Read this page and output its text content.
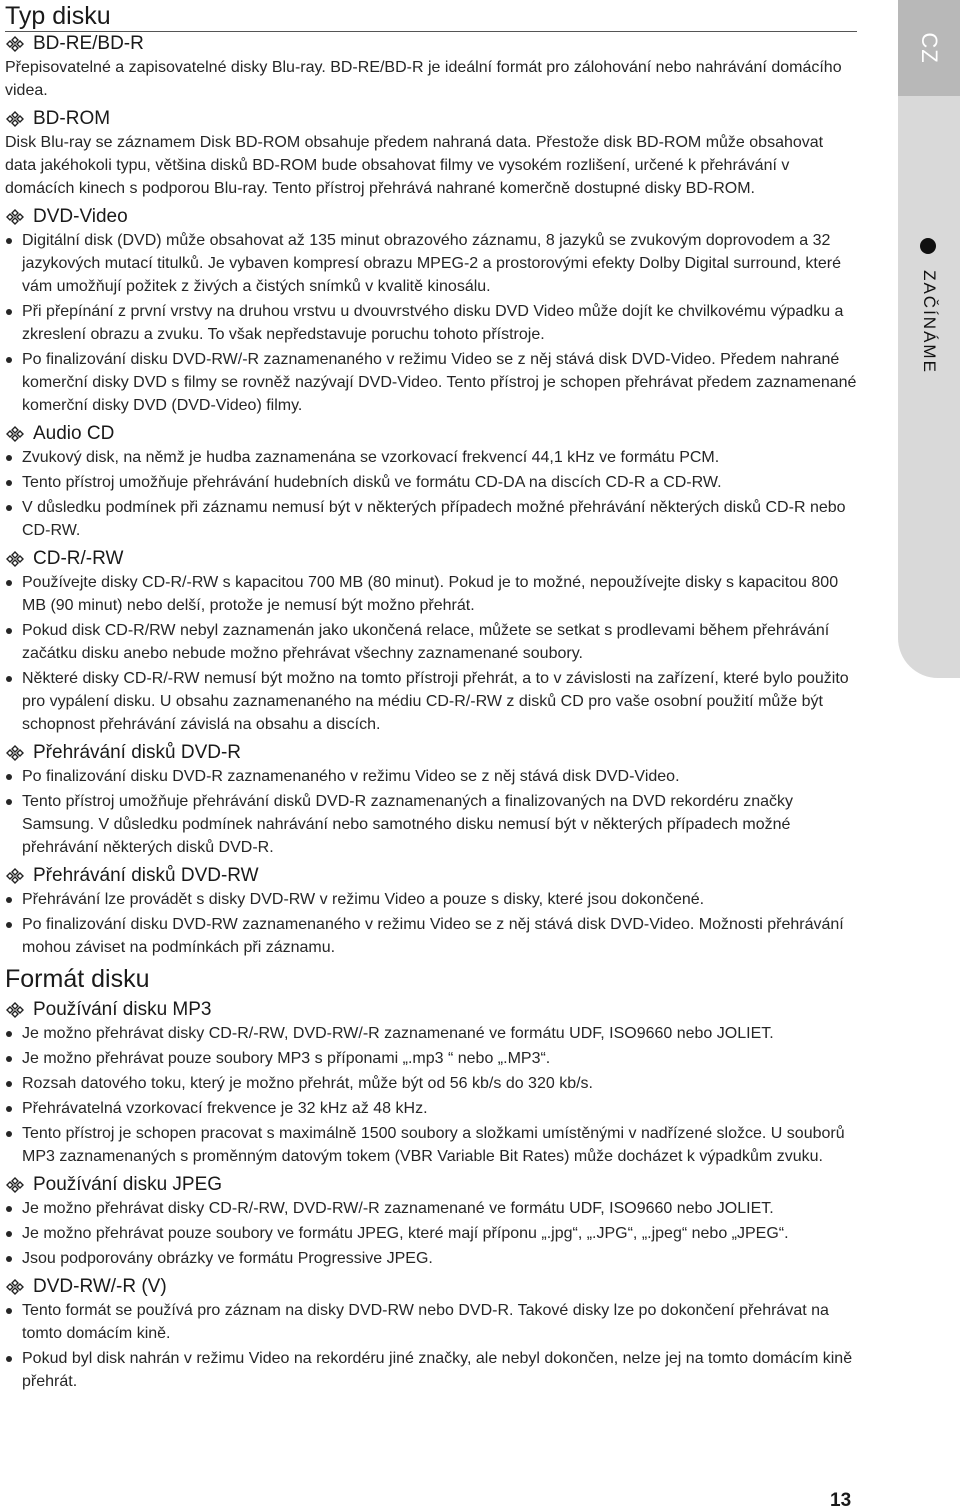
Typ disku
BD-RE/BD-R

Přepisovatelné a zapisovatelné disky Blu-ray. BD-RE/BD-R je ideální formát pro zálohování nebo nahrávání domácího videa.

BD-ROM

Disk Blu-ray se záznamem Disk BD-ROM obsahuje předem nahraná data. Přestože disk BD-ROM může obsahovat data jakéhokoli typu, většina disků BD-ROM bude obsahovat filmy ve vysokém rozlišení, určené k přehrávání v domácích kinech s podporou Blu-ray. Tento přístroj přehrává nahrané komerčně dostupné disky BD-ROM.

DVD-Video
Digitální disk (DVD) může obsahovat až 135 minut obrazového záznamu, 8 jazyků se zvukovým doprovodem a 32 jazykových mutací titulků. Je vybaven kompresí obrazu MPEG-2 a prostorovými efekty Dolby Digital surround, které vám umožňují požitek z živých a čistých snímků v kvalitě kinosálu.
Při přepínání z první vrstvy na druhou vrstvu u dvouvrstvého disku DVD Video může dojít ke chvilkovému výpadku a zkreslení obrazu a zvuku. To však nepředstavuje poruchu tohoto přístroje.
Po finalizování disku DVD-RW/-R zaznamenaného v režimu Video se z něj stává disk DVD-Video. Předem nahrané komerční disky DVD s filmy se rovněž nazývají DVD-Video. Tento přístroj je schopen přehrávat předem zaznamenané komerční disky DVD (DVD-Video) filmy.
Audio CD
Zvukový disk, na němž je hudba zaznamenána se vzorkovací frekvencí 44,1 kHz ve formátu PCM.
Tento přístroj umožňuje přehrávání hudebních disků ve formátu CD-DA na discích CD-R a CD-RW.
V důsledku podmínek při záznamu nemusí být v některých případech možné přehrávání některých disků CD-R nebo CD-RW.
CD-R/-RW
Používejte disky CD-R/-RW s kapacitou 700 MB (80 minut). Pokud je to možné, nepoužívejte disky s kapacitou 800 MB (90 minut) nebo delší, protože je nemusí být možno přehrát.
Pokud disk CD-R/RW nebyl zaznamenán jako ukončená relace, můžete se setkat s prodlevami během přehrávání začátku disku anebo nebude možno přehrávat všechny zaznamenané soubory.
Některé disky CD-R/-RW nemusí být možno na tomto přístroji přehrát, a to v závislosti na zařízení, které bylo použito pro vypálení disku. U obsahu zaznamenaného na médiu CD-R/-RW z disků CD pro vaše osobní použití může být schopnost přehrávání závislá na obsahu a discích.
Přehrávání disků DVD-R
Po finalizování disku DVD-R zaznamenaného v režimu Video se z něj stává disk DVD-Video.
Tento přístroj umožňuje přehrávání disků DVD-R zaznamenaných a finalizovaných na DVD rekordéru značky Samsung. V důsledku podmínek nahrávání nebo samotného disku nemusí být v některých případech možné přehrávání některých disků DVD-R.
Přehrávání disků DVD-RW
Přehrávání lze provádět s disky DVD-RW v režimu Video a pouze s disky, které jsou dokončené.
Po finalizování disku DVD-RW zaznamenaného v režimu Video se z něj stává disk DVD-Video. Možnosti přehrávání mohou záviset na podmínkách při záznamu.
Formát disku
Používání disku MP3
Je možno přehrávat disky CD-R/-RW, DVD-RW/-R zaznamenané ve formátu UDF, ISO9660 nebo JOLIET.
Je možno přehrávat pouze soubory MP3 s příponami „.mp3 “ nebo „.MP3“.
Rozsah datového toku, který je možno přehrát, může být od 56 kb/s do 320 kb/s.
Přehrávatelná vzorkovací frekvence je 32 kHz až 48 kHz.
Tento přístroj je schopen pracovat s maximálně 1500 soubory a složkami umístěnými v nadřízené složce. U souborů MP3 zaznamenaných s proměnným datovým tokem (VBR Variable Bit Rates) může docházet k výpadkům zvuku.
Používání disku JPEG
Je možno přehrávat disky CD-R/-RW, DVD-RW/-R zaznamenané ve formátu UDF, ISO9660 nebo JOLIET.
Je možno přehrávat pouze soubory ve formátu JPEG, které mají příponu „.jpg“, „.JPG“, „.jpeg“ nebo „JPEG“.
Jsou podporovány obrázky ve formátu Progressive JPEG.
DVD-RW/-R (V)
Tento formát se používá pro záznam na disky DVD-RW nebo DVD-R. Takové disky lze po dokončení přehrávat na tomto domácím kině.
Pokud byl disk nahrán v režimu Video na rekordéru jiné značky, ale nebyl dokončen, nelze jej na tomto domácím kině přehrát.
CZ
ZAČÍNÁME
13
